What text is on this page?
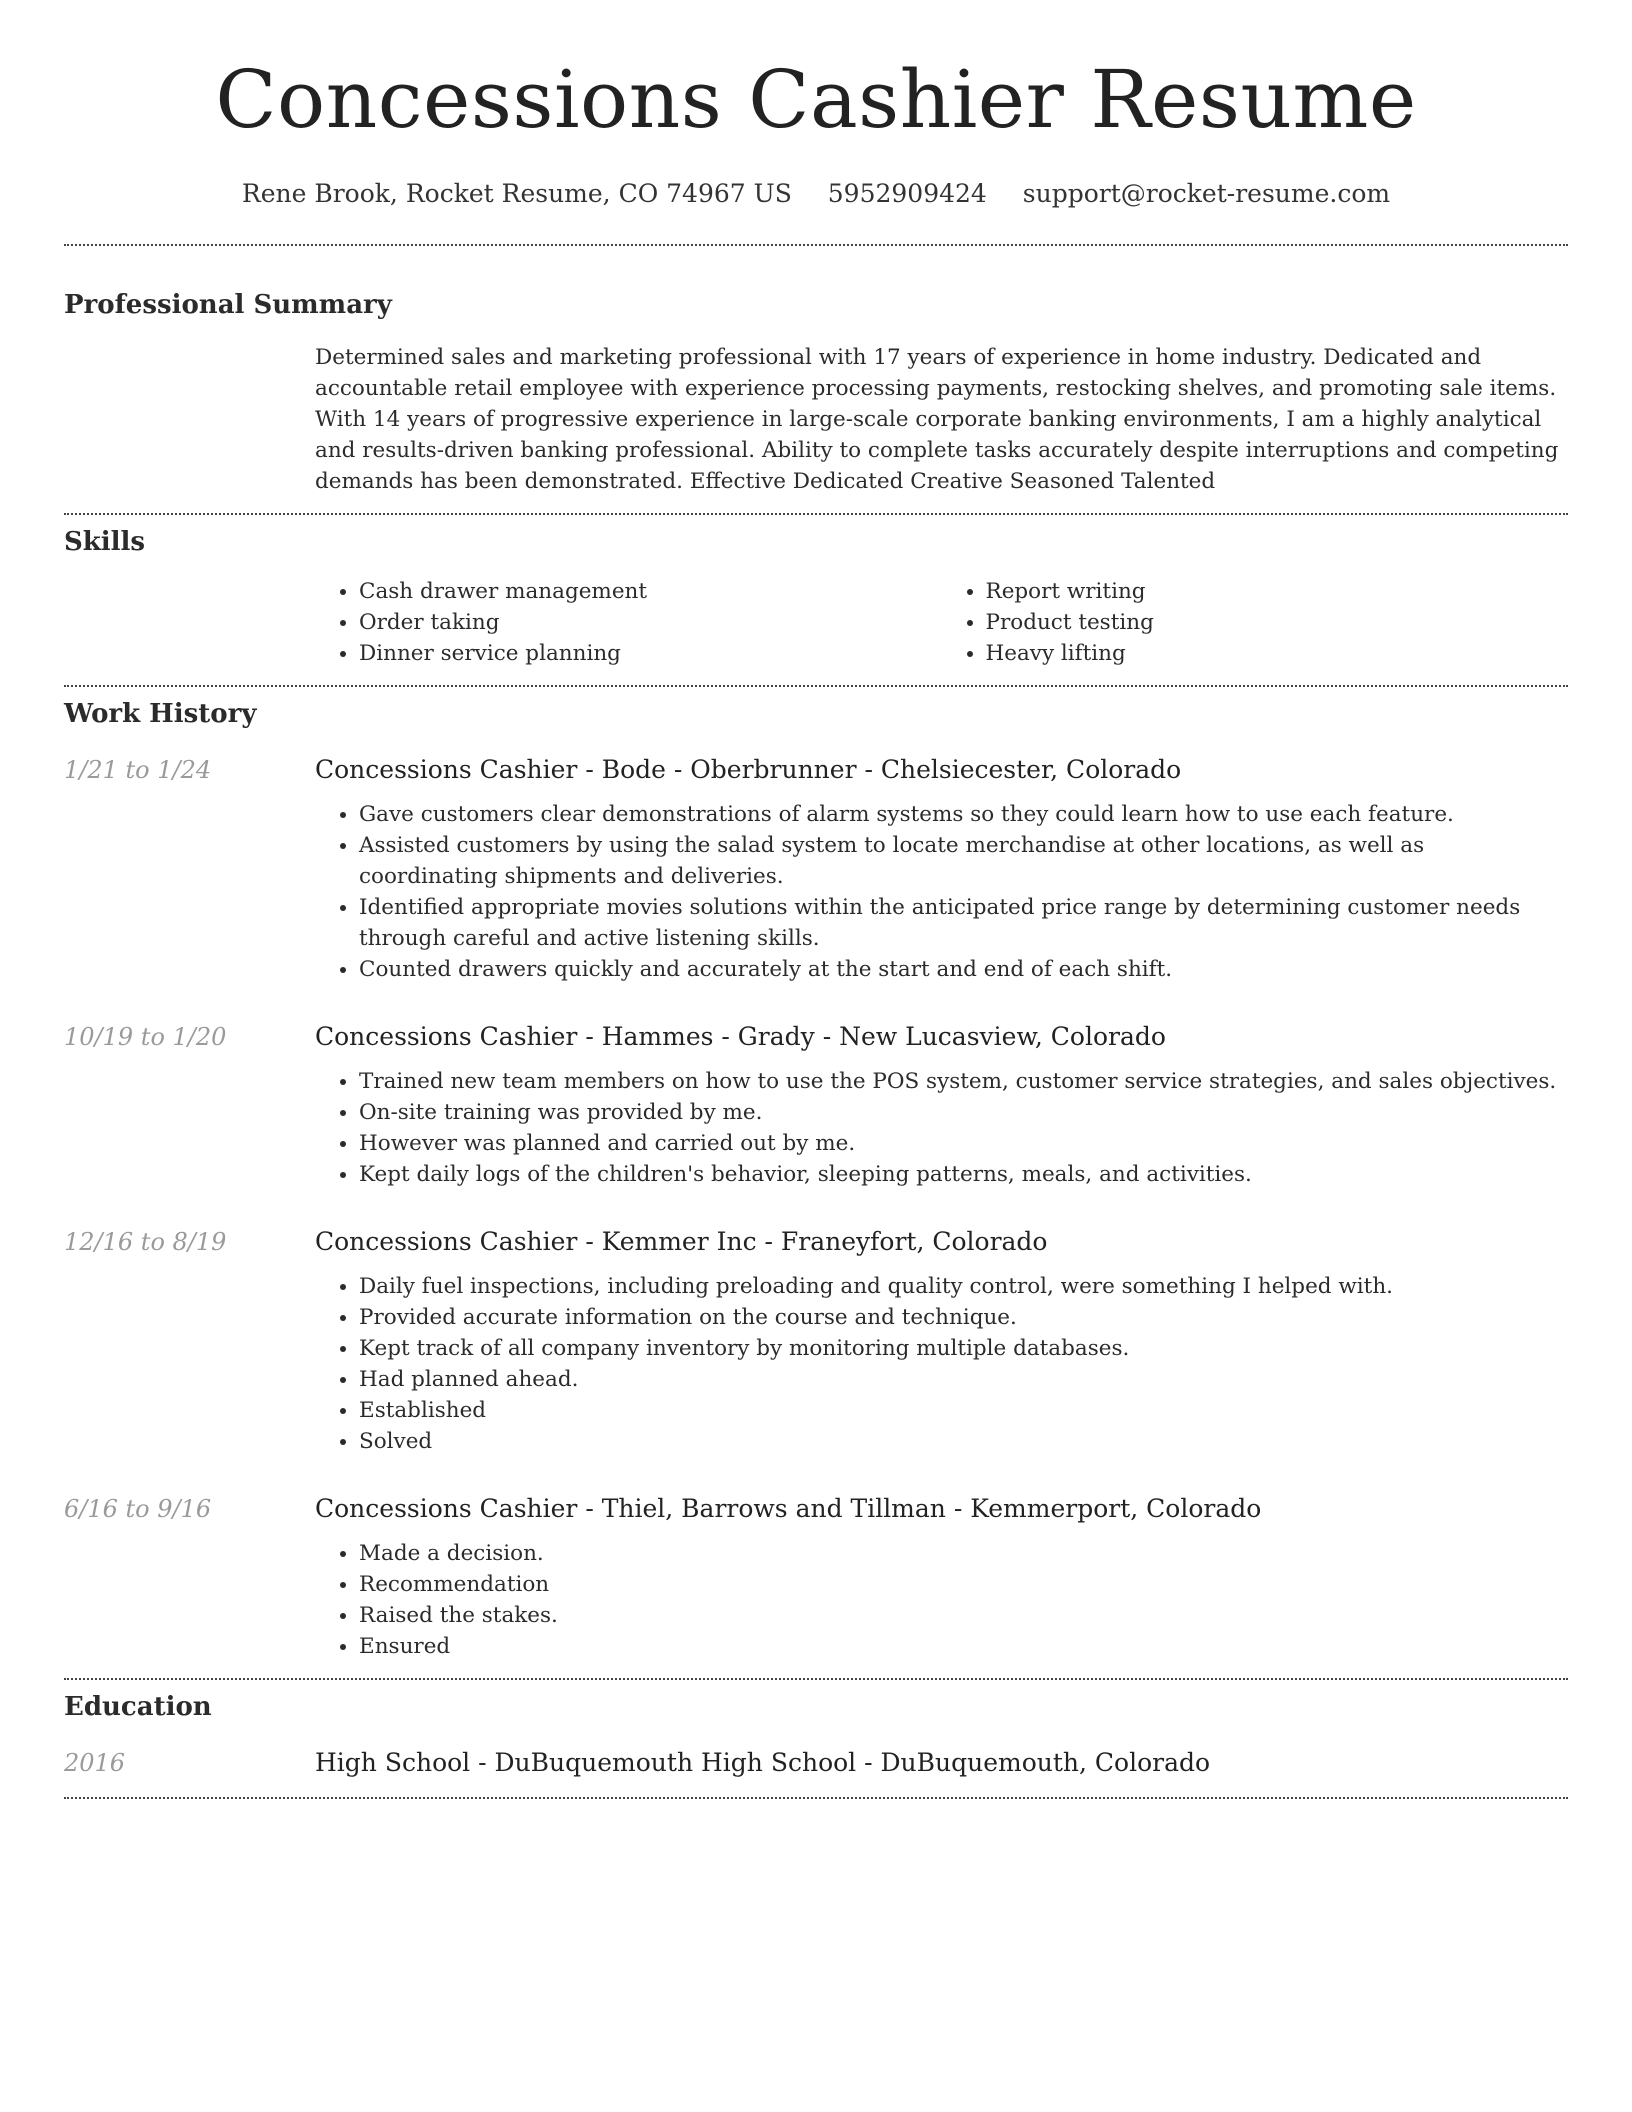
Concessions Cashier Resume
Rene Brook, Rocket Resume, CO 74967 US 5952909424 support@rocket-resume.com
Professional Summary
Determined sales and marketing professional with 17 years of experience in home industry. Dedicated and accountable retail employee with experience processing payments, restocking shelves, and promoting sale items. With 14 years of progressive experience in large-scale corporate banking environments, I am a highly analytical and results-driven banking professional. Ability to complete tasks accurately despite interruptions and competing demands has been demonstrated. Effective Dedicated Creative Seasoned Talented
Skills
• Cash drawer management
• Order taking
• Dinner service planning
• Report writing
• Product testing
• Heavy lifting
Work History
1/21 to 1/24	Concessions Cashier - Bode - Oberbrunner - Chelsiecester, Colorado
• Gave customers clear demonstrations of alarm systems so they could learn how to use each feature.
• Assisted customers by using the salad system to locate merchandise at other locations, as well as coordinating shipments and deliveries.
• Identified appropriate movies solutions within the anticipated price range by determining customer needs through careful and active listening skills.
• Counted drawers quickly and accurately at the start and end of each shift.
10/19 to 1/20	Concessions Cashier - Hammes - Grady - New Lucasview, Colorado
• Trained new team members on how to use the POS system, customer service strategies, and sales objectives.
• On-site training was provided by me.
• However was planned and carried out by me.
• Kept daily logs of the children's behavior, sleeping patterns, meals, and activities.
12/16 to 8/19	Concessions Cashier - Kemmer Inc - Franeyfort, Colorado
• Daily fuel inspections, including preloading and quality control, were something I helped with.
• Provided accurate information on the course and technique.
• Kept track of all company inventory by monitoring multiple databases.
• Had planned ahead.
• Established
• Solved
6/16 to 9/16	Concessions Cashier - Thiel, Barrows and Tillman - Kemmerport, Colorado
• Made a decision.
• Recommendation
• Raised the stakes.
• Ensured
Education
2016	High School - DuBuquemouth High School - DuBuquemouth, Colorado
